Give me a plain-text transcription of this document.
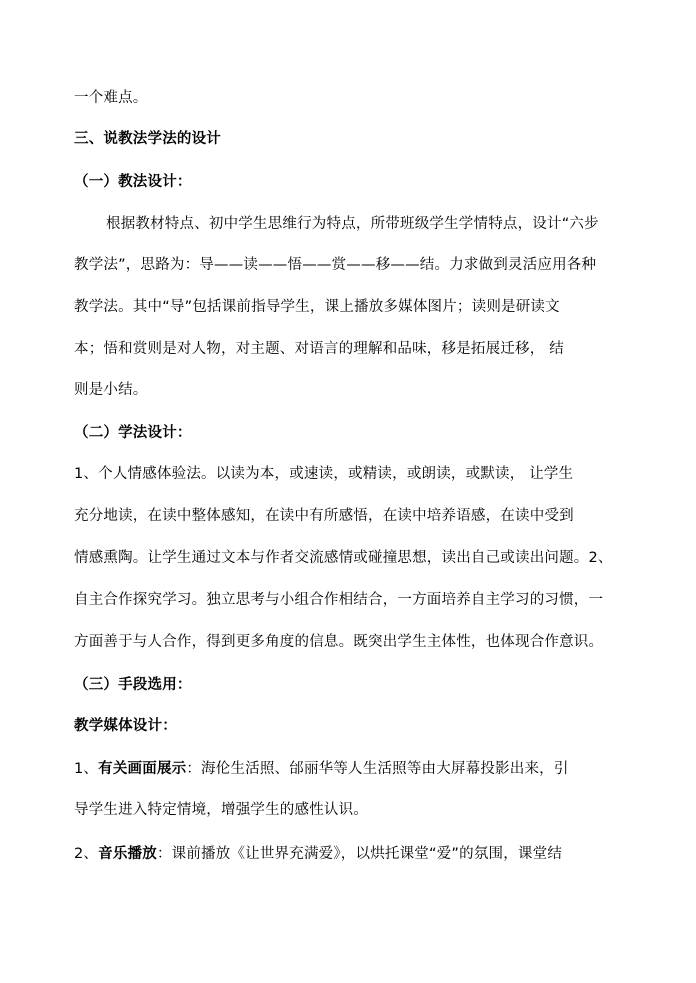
一个难点。
三、说教法学法的设计
（一）教法设计：
根据教材特点、初中学生思维行为特点，所带班级学生学情特点，设计“六步
教学法”，思路为：导——读——悟——赏——移——结。力求做到灵活应用各种
教学法。其中“导”包括课前指导学生，课上播放多媒体图片；读则是研读文
本；悟和赏则是对人物，对主题、对语言的理解和品味，移是拓展迁移， 结
则是小结。
（二）学法设计：
1、个人情感体验法。以读为本，或速读，或精读，或朗读，或默读， 让学生
充分地读，在读中整体感知，在读中有所感悟，在读中培养语感，在读中受到
情感熏陶。让学生通过文本与作者交流感情或碰撞思想，读出自己或读出问题。2、
自主合作探究学习。独立思考与小组合作相结合，一方面培养自主学习的习惯，一
方面善于与人合作，得到更多角度的信息。既突出学生主体性，也体现合作意识。
（三）手段选用：
教学媒体设计：
1、有关画面展示：海伦生活照、邰丽华等人生活照等由大屏幕投影出来，引
导学生进入特定情境，增强学生的感性认识。
2、音乐播放：课前播放《让世界充满爱》，以烘托课堂“爱”的氛围，课堂结
